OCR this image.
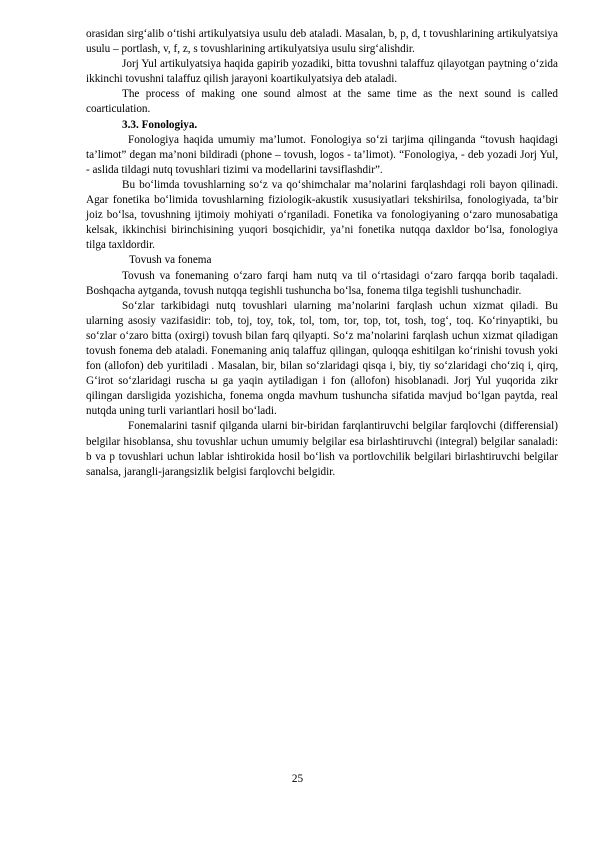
orasidan sirg‘alib o‘tishi artikulyatsiya usulu deb ataladi. Masalan, b, p, d, t tovushlarining artikulyatsiya usulu – portlash, v, f, z, s tovushlarining artikulyatsiya usulu sirg‘alishdir.

Jorj Yul artikulyatsiya haqida gapirib yozadiki, bitta tovushni talaffuz qilayotgan paytning o‘zida ikkinchi tovushni talaffuz qilish jarayoni koartikulyatsiya deb ataladi.

The process of making one sound almost at the same time as the next sound is called coarticulation.

3.3. Fonologiya.

Fonologiya haqida umumiy ma’lumot. Fonologiya so‘zi tarjima qilinganda “tovush haqidagi ta’limot” degan ma’noni bildiradi (phone – tovush, logos - ta’limot). “Fonologiya, - deb yozadi Jorj Yul, - aslida tildagi nutq tovushlari tizimi va modellarini tavsiflashdir”.

Bu bo‘limda tovushlarning so‘z va qo‘shimchalar ma’nolarini farqlashdagi roli bayon qilinadi. Agar fonetika bo‘limida tovushlarning fiziologik-akustik xususiyatlari tekshirilsa, fonologiyada, ta’bir joiz bo‘lsa, tovushning ijtimoiy mohiyati o‘rganiladi. Fonetika va fonologiyaning o‘zaro munosabatiga kelsak, ikkinchisi birinchisining yuqori bosqichidir, ya’ni fonetika nutqqa daxldor bo‘lsa, fonologiya tilga taxldordir.

Tovush va fonema

Tovush va fonemaning o‘zaro farqi ham nutq va til o‘rtasidagi o‘zaro farqqa borib taqaladi. Boshqacha aytganda, tovush nutqqa tegishli tushuncha bo‘lsa, fonema tilga tegishli tushunchadir.

So‘zlar tarkibidagi nutq tovushlari ularning ma’nolarini farqlash uchun xizmat qiladi. Bu ularning asosiy vazifasidir: tob, toj, toy, tok, tol, tom, tor, top, tot, tosh, tog‘, toq. Ko‘rinyaptiki, bu so‘zlar o‘zaro bitta (oxirgi) tovush bilan farq qilyapti. So‘z ma’nolarini farqlash uchun xizmat qiladigan tovush fonema deb ataladi. Fonemaning aniq talaffuz qilingan, quloqqa eshitilgan ko‘rinishi tovush yoki fon (allofon) deb yuritiladi . Masalan, bir, bilan so‘zlaridagi qisqa i, biy, tiy so‘zlaridagi cho‘ziq i, qirq, G‘irot so‘zlaridagi ruscha ы ga yaqin aytiladigan i fon (allofon) hisoblanadi. Jorj Yul yuqorida zikr qilingan darsligida yozishicha, fonema ongda mavhum tushuncha sifatida mavjud bo‘lgan paytda, real nutqda uning turli variantlari hosil bo‘ladi.

Fonemalarini tasnif qilganda ularni bir-biridan farqlantiruvchi belgilar farqlovchi (differensial) belgilar hisoblansa, shu tovushlar uchun umumiy belgilar esa birlashtiruvchi (integral) belgilar sanaladi: b va p tovushlari uchun lablar ishtirokida hosil bo‘lish va portlovchilik belgilari birlashtiruvchi belgilar sanalsa, jarangli-jarangsizlik belgisi farqlovchi belgidir.

25
